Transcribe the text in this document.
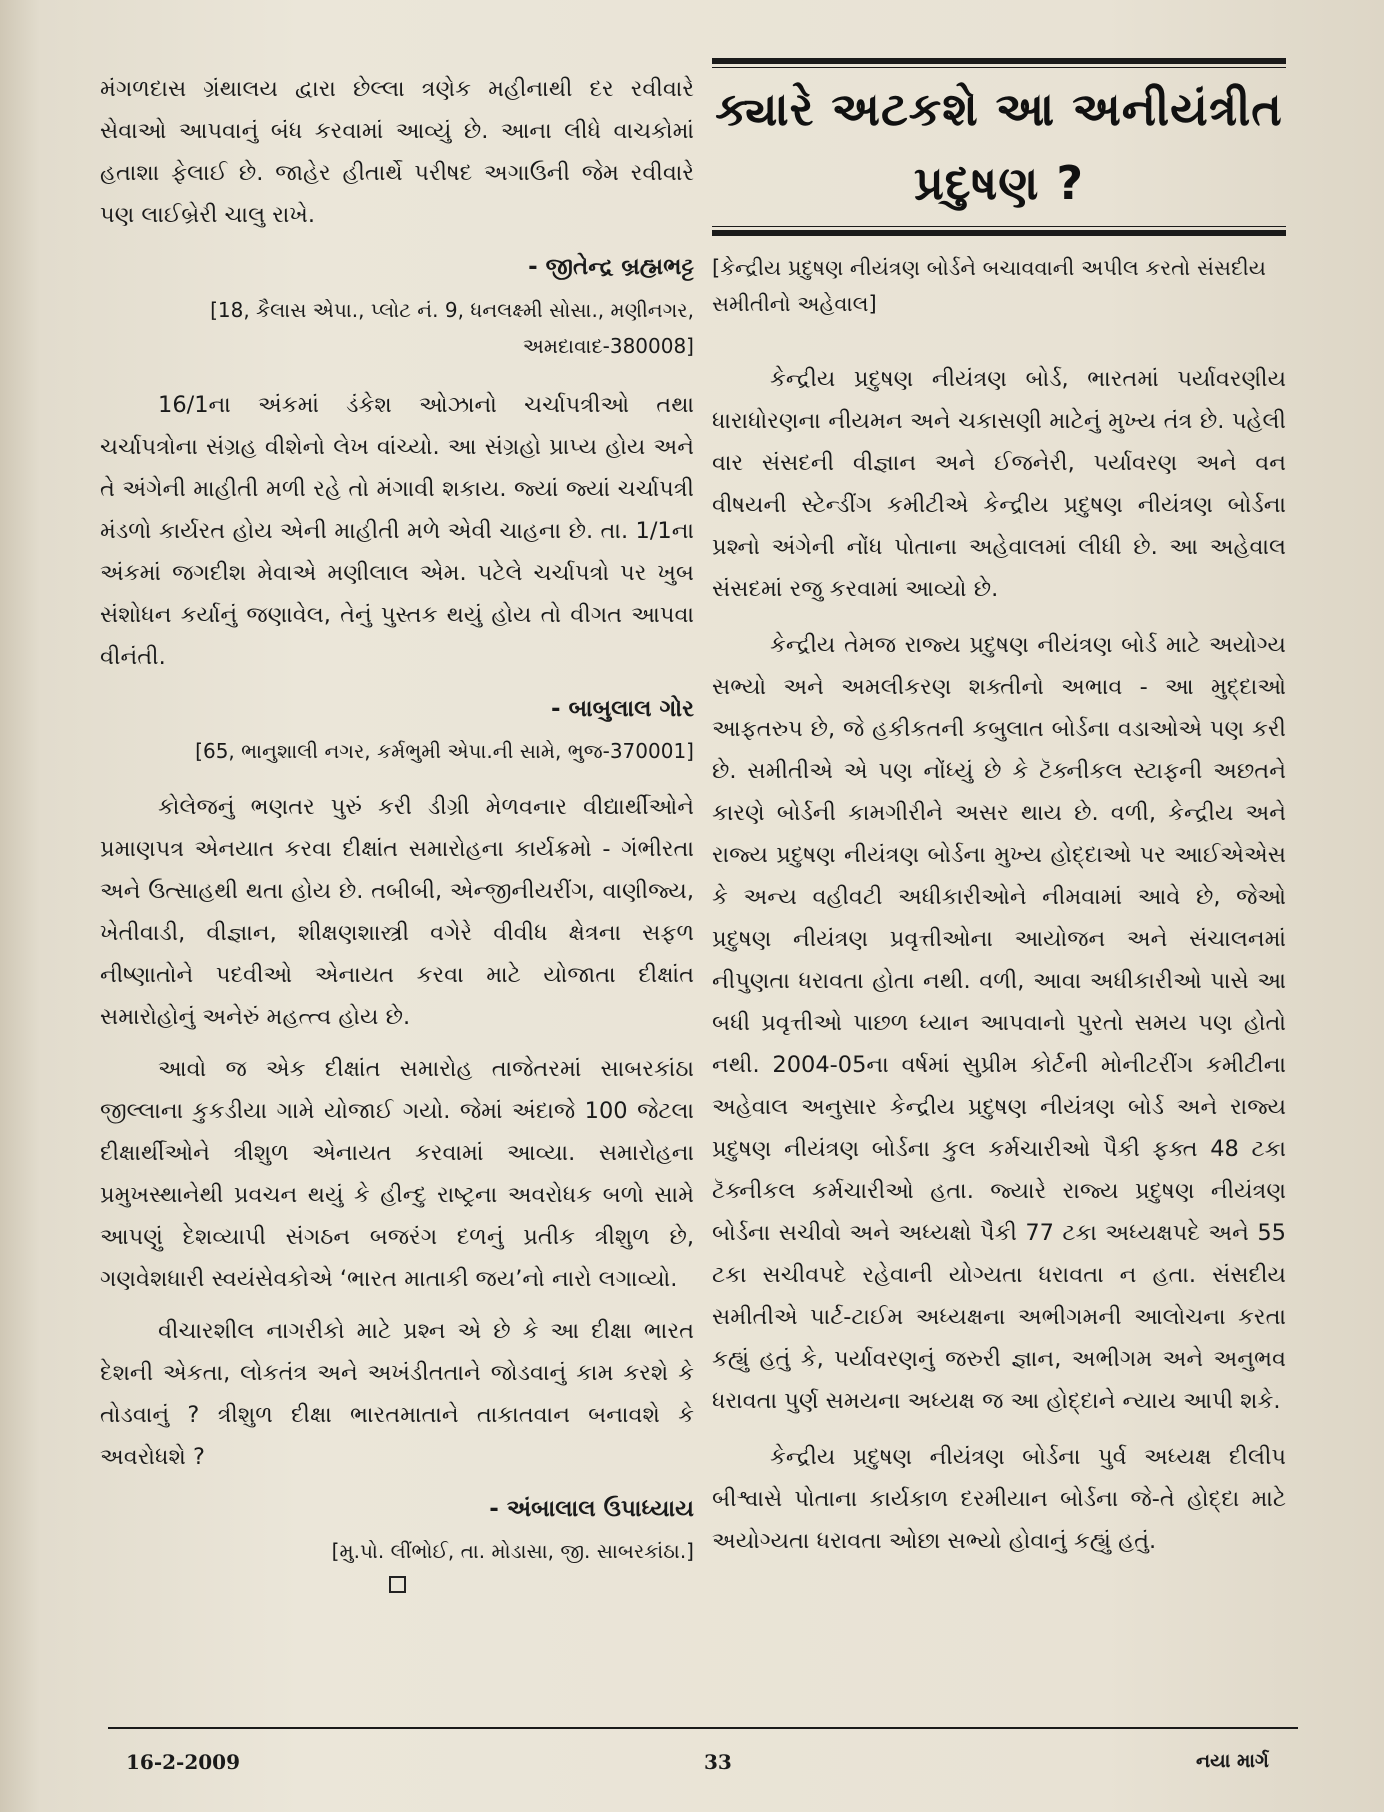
મંગળદાસ ગ્રંથાલય દ્વારા છેલ્લા ત્રણેક મહીનાથી દર રવીવારે સેવાઓ આપવાનું બંધ કરવામાં આવ્યું છે. આના લીધે વાચકોમાં હતાશા ફેલાઈ છે. જાહેર હીતાર્થે પરીષદ અગાઉની જેમ રવીવારે પણ લાઈબ્રેરી ચાલુ રાખે.

- જીતેન્દ્ર બ્રહ્મભટ્ટ

[18, કૈલાસ એપા., પ્લોટ નં. 9, ધનલક્ષ્મી સોસા., મણીનગર, અમદાવાદ-380008]

16/1ના અંકમાં ડંકેશ ઓઝાનો ચર્ચાપત્રીઓ તથા ચર્ચાપત્રોના સંગ્રહ વીશેનો લેખ વાંચ્યો. આ સંગ્રહો પ્રાપ્ય હોય અને તે અંગેની માહીતી મળી રહે તો મંગાવી શકાય. જ્યાં જ્યાં ચર્ચાપત્રી મંડળો કાર્યરત હોય એની માહીતી મળે એવી ચાહના છે. તા. 1/1ના અંકમાં જગદીશ મેવાએ મણીલાલ એમ. પટેલે ચર્ચાપત્રો પર ખુબ સંશોધન કર્યાનું જણાવેલ, તેનું પુસ્તક થયું હોય તો વીગત આપવા વીનંતી.

- બાબુલાલ ગોર

[65, ભાનુશાલી નગર, કર્મભુમી એપા.ની સામે, ભુજ-370001]

કોલેજનું ભણતર પુરું કરી ડીગ્રી મેળવનાર વીદ્યાર્થીઓને પ્રમાણપત્ર એનયાત કરવા દીક્ષાંત સમારોહના કાર્યક્રમો - ગંભીરતા અને ઉત્સાહથી થતા હોય છે. તબીબી, એન્જીનીયરીંગ, વાણીજ્ય, ખેતીવાડી, વીજ્ઞાન, શીક્ષણશાસ્ત્રી વગેરે વીવીધ ક્ષેત્રના સફળ નીષ્ણાતોને પદવીઓ એનાયત કરવા માટે યોજાતા દીક્ષાંત સમારોહોનું અનેરું મહત્ત્વ હોય છે.

આવો જ એક દીક્ષાંત સમારોહ તાજેતરમાં સાબરકાંઠા જીલ્લાના કુકડીયા ગામે યોજાઈ ગયો. જેમાં અંદાજે 100 જેટલા દીક્ષાર્થીઓને ત્રીશુળ એનાયત કરવામાં આવ્યા. સમારોહના પ્રમુખસ્થાનેથી પ્રવચન થયું કે હીન્દુ રાષ્ટ્રના અવરોધક બળો સામે આપણું દેશવ્યાપી સંગઠન બજરંગ દળનું પ્રતીક ત્રીશુળ છે, ગણવેશધારી સ્વયંસેવકોએ ‘ભારત માતાકી જય’નો નારો લગાવ્યો.

વીચારશીલ નાગરીકો માટે પ્રશ્ન એ છે કે આ દીક્ષા ભારત દેશની એકતા, લોકતંત્ર અને અખંડીતતાને જોડવાનું કામ કરશે કે તોડવાનું ? ત્રીશુળ દીક્ષા ભારતમાતાને તાકાતવાન બનાવશે કે અવરોધશે ?

- અંબાલાલ ઉપાધ્યાય

[મુ.પો. લીંભોઈ, તા. મોડાસા, જી. સાબરકાંઠા.]

ક્યારે અટકશે આ અનીયંત્રીત
પ્રદુષણ ?

[કેન્દ્રીય પ્રદુષણ નીયંત્રણ બોર્ડને બચાવવાની અપીલ કરતો સંસદીય સમીતીનો અહેવાલ]

કેન્દ્રીય પ્રદુષણ નીયંત્રણ બોર્ડ, ભારતમાં પર્યાવરણીય ધારાધોરણના નીયમન અને ચકાસણી માટેનું મુખ્ય તંત્ર છે. પહેલી વાર સંસદની વીજ્ઞાન અને ઈજનેરી, પર્યાવરણ અને વન વીષયની સ્ટેન્ડીંગ કમીટીએ કેન્દ્રીય પ્રદુષણ નીયંત્રણ બોર્ડના પ્રશ્નો અંગેની નોંધ પોતાના અહેવાલમાં લીધી છે. આ અહેવાલ સંસદમાં રજુ કરવામાં આવ્યો છે.

કેન્દ્રીય તેમજ રાજ્ય પ્રદુષણ નીયંત્રણ બોર્ડ માટે અયોગ્ય સભ્યો અને અમલીકરણ શક્તીનો અભાવ - આ મુદ્દાઓ આફતરુપ છે, જે હકીકતની કબુલાત બોર્ડના વડાઓએ પણ કરી છે. સમીતીએ એ પણ નોંધ્યું છે કે ટૅક્નીકલ સ્ટાફની અછતને કારણે બોર્ડની કામગીરીને અસર થાય છે. વળી, કેન્દ્રીય અને રાજ્ય પ્રદુષણ નીયંત્રણ બોર્ડના મુખ્ય હોદ્દાઓ પર આઈએએસ કે અન્ય વહીવટી અધીકારીઓને નીમવામાં આવે છે, જેઓ પ્રદુષણ નીયંત્રણ પ્રવૃત્તીઓના આયોજન અને સંચાલનમાં નીપુણતા ધરાવતા હોતા નથી. વળી, આવા અધીકારીઓ પાસે આ બધી પ્રવૃત્તીઓ પાછળ ધ્યાન આપવાનો પુરતો સમય પણ હોતો નથી. 2004-05ના વર્ષમાં સુપ્રીમ કોર્ટની મોનીટરીંગ કમીટીના અહેવાલ અનુસાર કેન્દ્રીય પ્રદુષણ નીયંત્રણ બોર્ડ અને રાજ્ય પ્રદુષણ નીયંત્રણ બોર્ડના કુલ કર્મચારીઓ પૈકી ફક્ત 48 ટકા ટૅક્નીકલ કર્મચારીઓ હતા. જ્યારે રાજ્ય પ્રદુષણ નીયંત્રણ બોર્ડના સચીવો અને અધ્યક્ષો પૈકી 77 ટકા અધ્યક્ષપદે અને 55 ટકા સચીવપદે રહેવાની યોગ્યતા ધરાવતા ન હતા. સંસદીય સમીતીએ પાર્ટ-ટાઈમ અધ્યક્ષના અભીગમની આલોચના કરતા કહ્યું હતું કે, પર્યાવરણનું જરુરી જ્ઞાન, અભીગમ અને અનુભવ ધરાવતા પુર્ણ સમયના અધ્યક્ષ જ આ હોદ્દાને ન્યાય આપી શકે.

કેન્દ્રીય પ્રદુષણ નીયંત્રણ બોર્ડના પુર્વ અધ્યક્ષ દીલીપ બીશ્વાસે પોતાના કાર્યકાળ દરમીયાન બોર્ડના જે-તે હોદ્દા માટે અયોગ્યતા ધરાવતા ઓછા સભ્યો હોવાનું કહ્યું હતું.

16-2-2009	33	નયા માર્ગ
